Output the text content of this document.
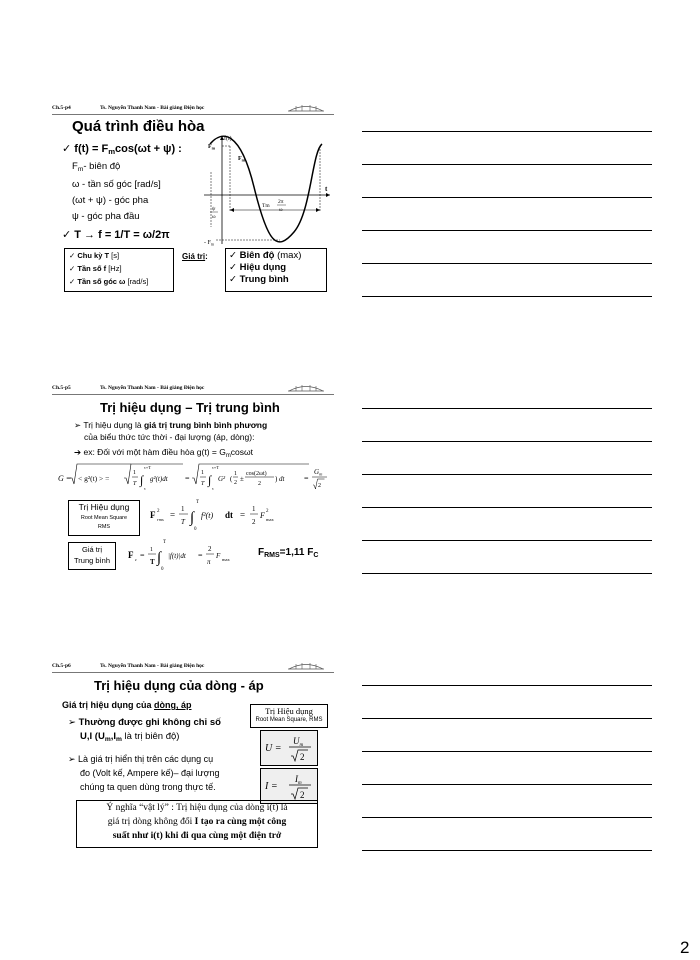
Ch.5-p4	Ts. Nguyễn Thanh Nam - Bài giảng Điện học
Quá trình điều hòa
✓ $f(t) = F_m\cos(\omega t + \psi)$ :
$F_m-$ biên độ
ω - tần số góc [rad/s]
(ωt + ψ) - góc pha
ψ - góc pha đầu
✓ T → f = 1/T = ω/2π
✓ Chu kỳ T [s]
✓ Tần số f [Hz]
✓ Tần số góc ω [rad/s]
Giá trị: ✓ Biên độ (max)
✓ Hiệu dụng
✓ Trung bình
f(t)
$F_m$
$F_m$
t
ψ
ω
Tm
2π
ω
- $F_m$
Ch.5-p5	Ts. Nguyễn Thanh Nam - Bài giảng Điện học
Trị hiệu dụng – Trị trung bình
➢ Trị hiệu dụng là giá trị trung bình bình phương
của biểu thức tức thời - đại lượng (áp, dòng):
➔ ex: Đối với một hàm điều hòa $g(t) = G_m\cos\omega t$
G = < g²(t) > =
1
T ∫
τ+T
τ
g²(t)dt =
1
T ∫
τ+T
τ
G² (
1
2 ±
cos(2ωt)
2
) dt =
$G_m$
2
Trị Hiệu dụng
Root Mean Square
RMS
F 2
rms =
1
T ∫
T
0
f²(t) dt =
1
2
F 2
max
Giá trị
Trung bình
F c =
1
T ∫
T
0
|f(t)|dt =
2
π
F max
$F_{RMS}=1,11$ $F_C$
Ch.5-p6	Ts. Nguyễn Thanh Nam - Bài giảng Điện học
Trị hiệu dụng của dòng - áp
Giá trị hiệu dụng của dòng, áp
➢ Thường được ghi không chỉ số
U,I ($U_m,I_m$ là trị biên độ)
➢ Là giá trị hiển thị trên các dụng cụ
đo (Volt kế, Ampere kế)– đại lượng
chúng ta quen dùng trong thực tế.
Trị Hiệu dụng
Root Mean Square, RMS
U =
$U_m$
2
I =
$I_m$
2
Ý nghĩa “vật lý” : Trị hiệu dụng của dòng i(t) là
giá trị dòng không đổi I tạo ra cùng một công
suất như i(t) khi đi qua cùng một điện trở
2
